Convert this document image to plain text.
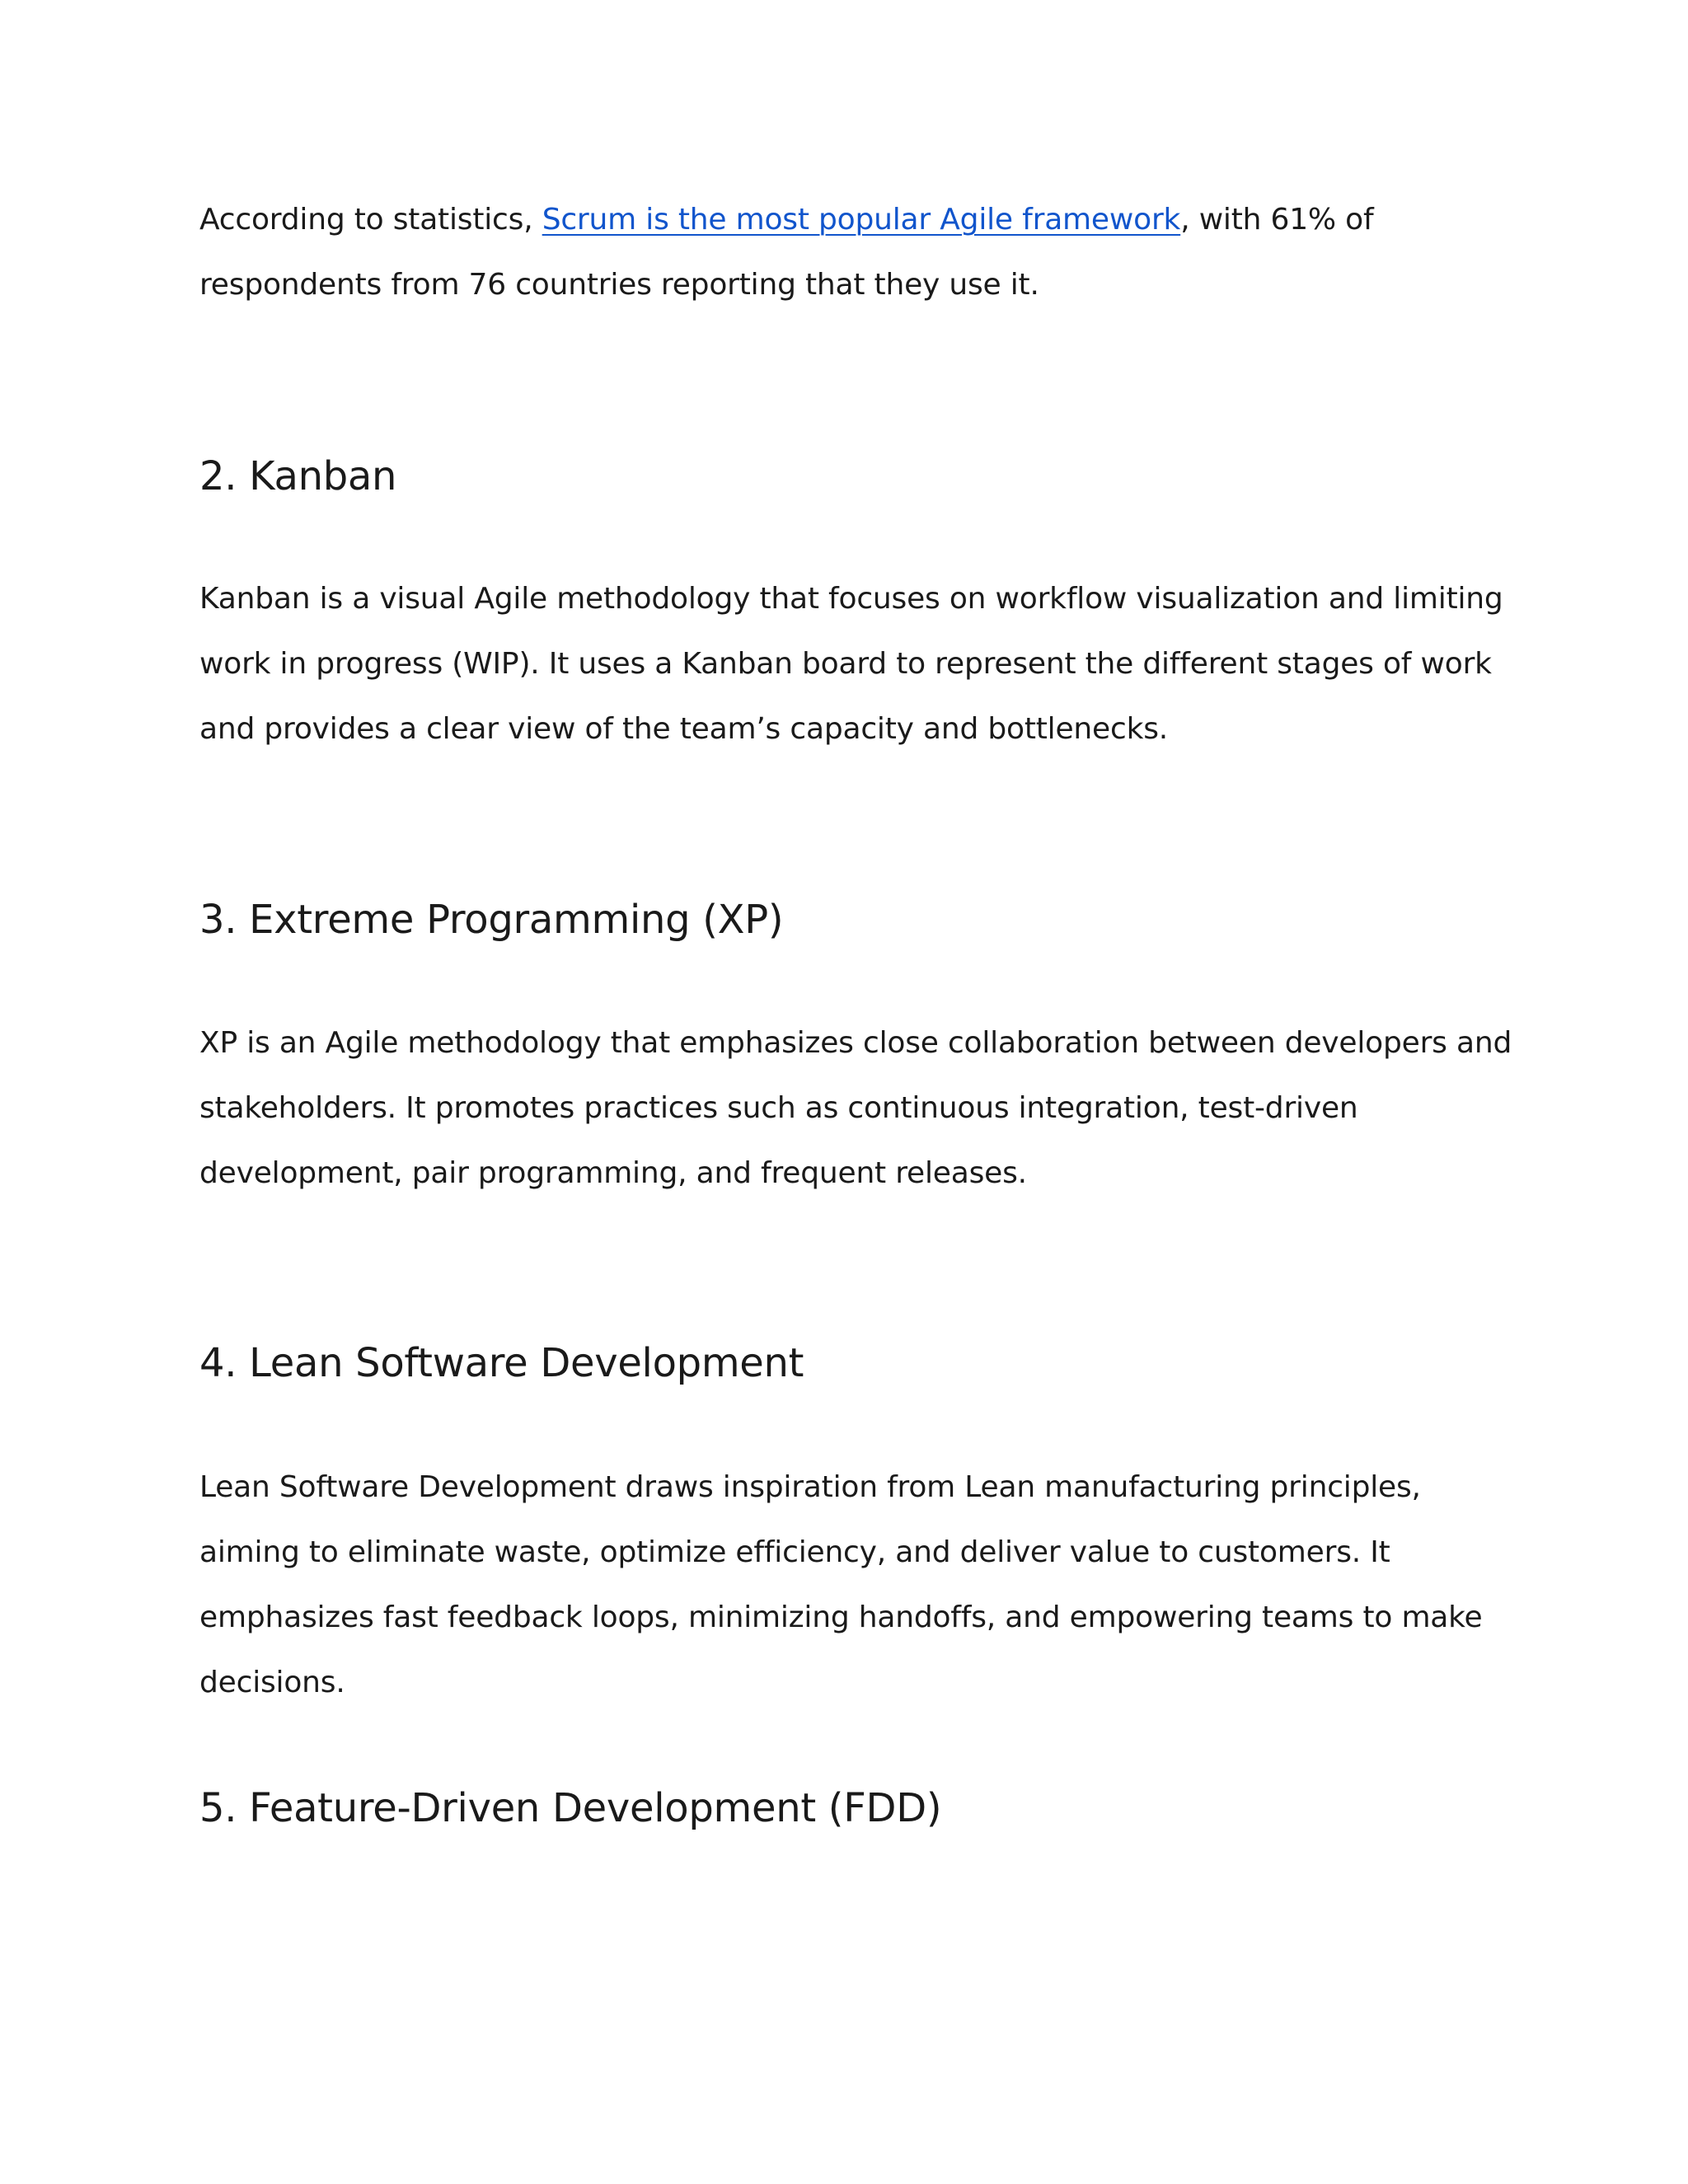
According to statistics, Scrum is the most popular Agile framework, with 61% of respondents from 76 countries reporting that they use it.

2. Kanban

Kanban is a visual Agile methodology that focuses on workflow visualization and limiting work in progress (WIP). It uses a Kanban board to represent the different stages of work and provides a clear view of the team’s capacity and bottlenecks.

3. Extreme Programming (XP)

XP is an Agile methodology that emphasizes close collaboration between developers and stakeholders. It promotes practices such as continuous integration, test-driven development, pair programming, and frequent releases.

4. Lean Software Development

Lean Software Development draws inspiration from Lean manufacturing principles, aiming to eliminate waste, optimize efficiency, and deliver value to customers. It emphasizes fast feedback loops, minimizing handoffs, and empowering teams to make decisions.

5. Feature-Driven Development (FDD)
